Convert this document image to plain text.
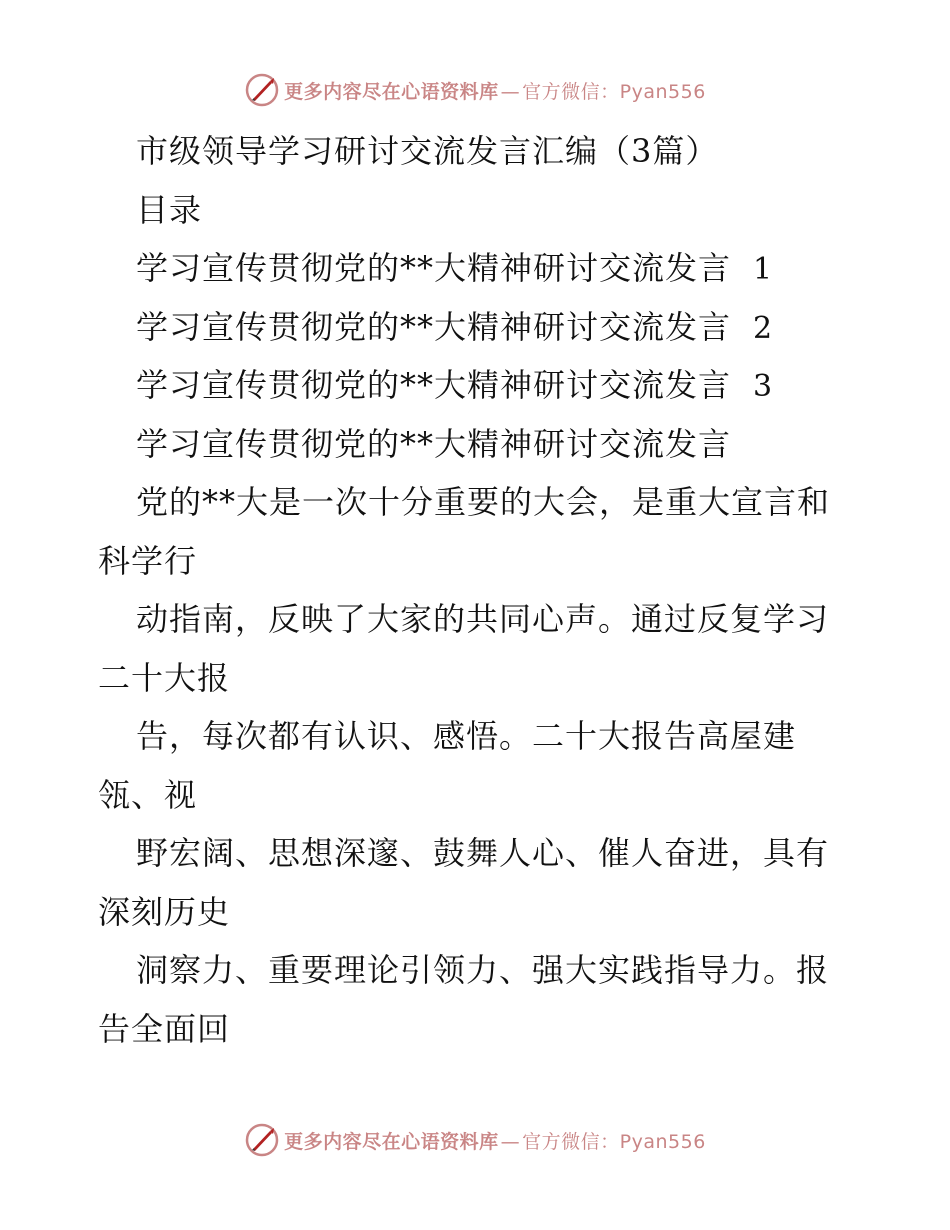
更多内容尽在心语资料库 — 官方微信：Pyan556
市级领导学习研讨交流发言汇编（3篇）
目录
学习宣传贯彻党的**大精神研讨交流发言 1
学习宣传贯彻党的**大精神研讨交流发言 2
学习宣传贯彻党的**大精神研讨交流发言 3
学习宣传贯彻党的**大精神研讨交流发言
党的**大是一次十分重要的大会，是重大宣言和
科学行
动指南，反映了大家的共同心声。通过反复学习
二十大报
告，每次都有认识、感悟。二十大报告高屋建
瓴、视
野宏阔、思想深邃、鼓舞人心、催人奋进，具有
深刻历史
洞察力、重要理论引领力、强大实践指导力。报
告全面回
更多内容尽在心语资料库 — 官方微信：Pyan556
